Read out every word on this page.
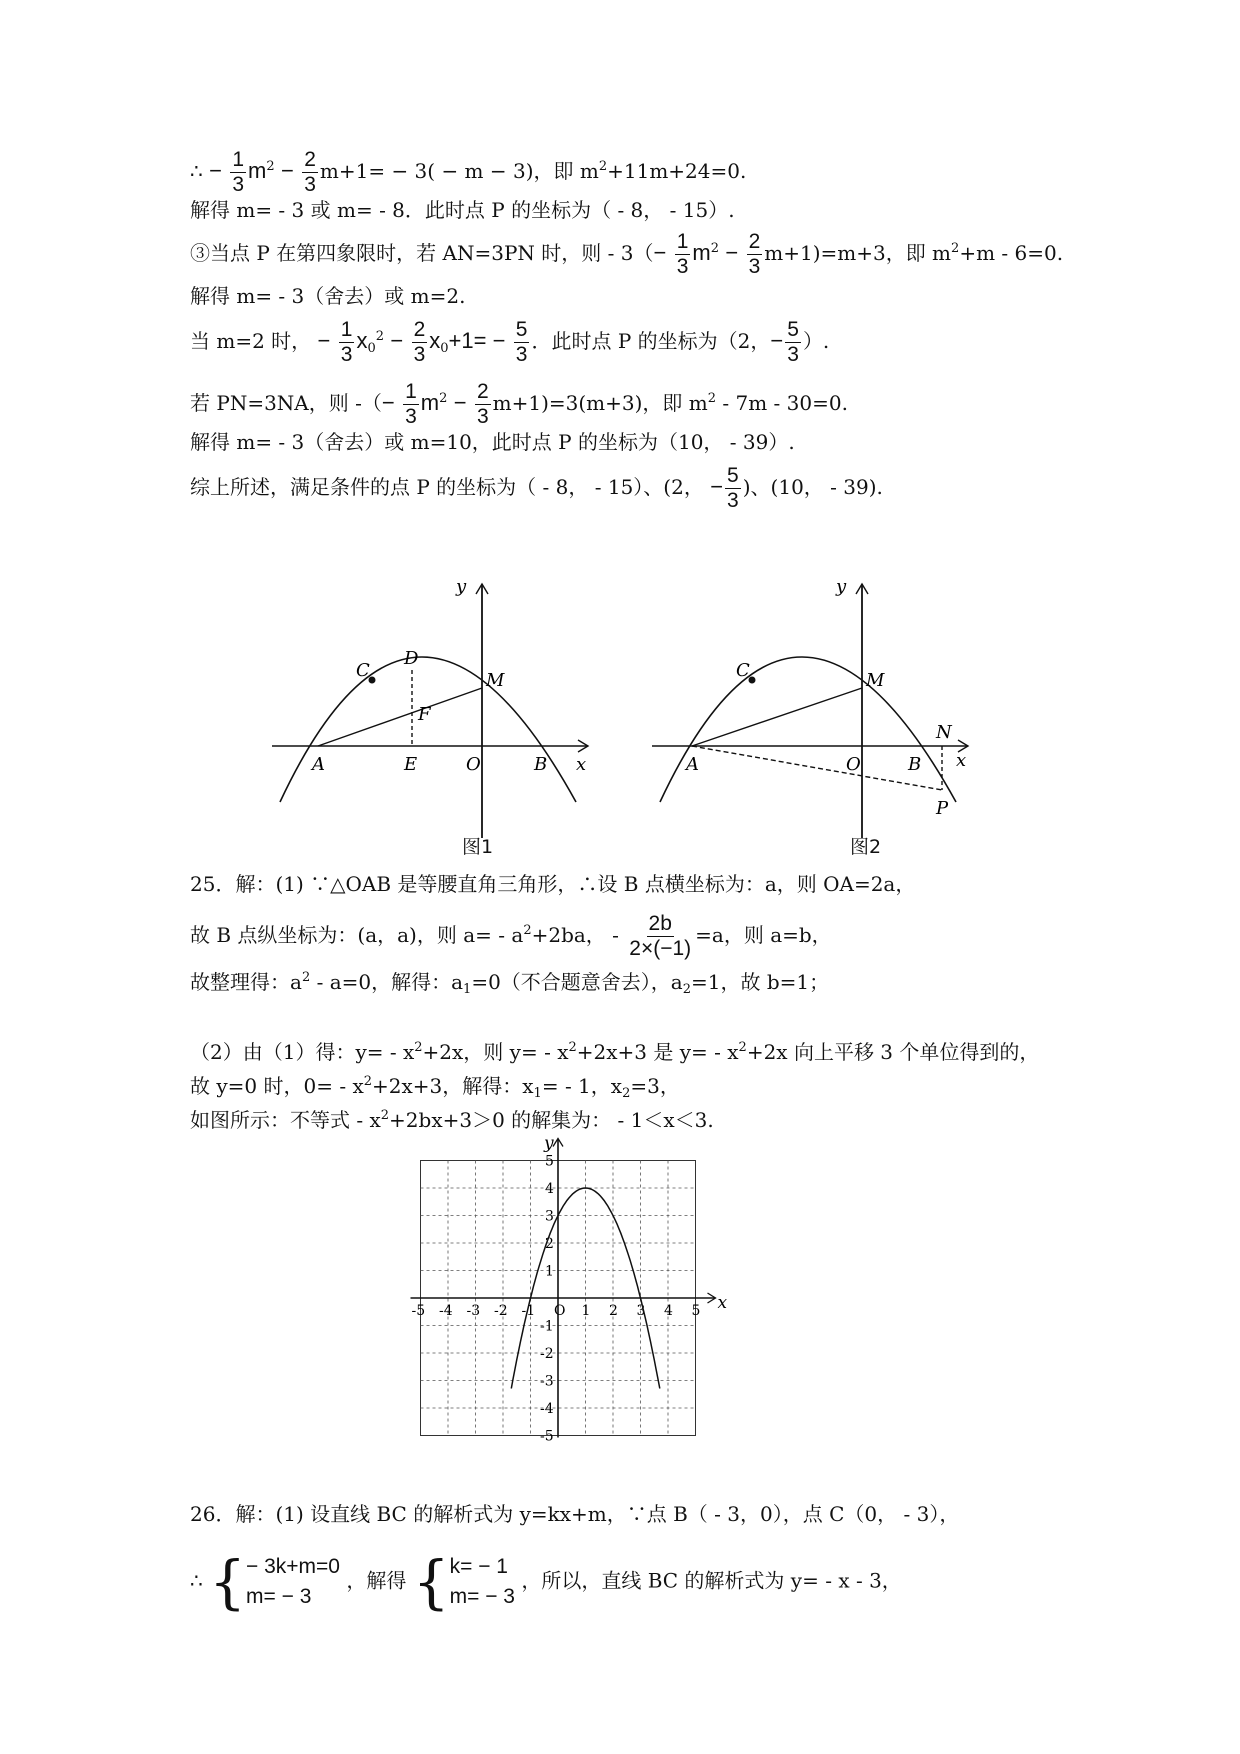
∴ − $\frac{1}{3} m^2 - \frac{2}{3} m+1= - 3( - m - 3)$，即 $m^2+11m+24=0$.
解得 m= - 3 或 m= - 8．此时点 P 的坐标为（ - 8， - 15）.
③当点 P 在第四象限时，若 AN=3PN 时，则 - $3(- \frac{1}{3} m^2 - \frac{2}{3} m+1)=m+3$，即 $m^2+m - 6=0$.
解得 m= - 3（舍去）或 m=2.
当 m=2 时， − $\frac{1}{3} x_0^2 - \frac{2}{3} x_0+1= - \frac{5}{3}$ ．此时点 P 的坐标为（2，− $\frac{5}{3}$ ）.
若 PN=3NA，则 -（− $\frac{1}{3} m^2 - \frac{2}{3} m+1)=3(m+3)$，即 $m^2 - 7m - 30=0$.
解得 m= - 3（舍去）或 m=10，此时点 P 的坐标为（10， - 39）.
综上所述，满足条件的点 P 的坐标为（ - 8， - 15）、(2， − $\frac{5}{3}$ )、(10， - 39).
y
x
C
D
M
F
A	E	O	B
图1
y
x
C	M
N
A	O	B
P
图2
25．解：(1) ∵△OAB 是等腰直角三角形，∴设 B 点横坐标为：a，则 OA=2a，
故 B 点纵坐标为：(a，a)，则 $a= - a^2+2ba$， - $\frac{2b}{2\times(-1)} =a$，则 a=b，
故整理得：$a^2 - a=0$，解得：$a_1=0$（不合题意舍去），$a_2=1$，故 b=1；
（2）由（1）得：$y= - x^2+2x$，则 $y= - x^2+2x+3$ 是 $y= - x^2+2x$ 向上平移 3 个单位得到的，
故 y=0 时，$0= - x^2+2x+3$，解得：$x_1= - 1$，$x_2=3$，
如图所示：不等式 - $x^2+2bx+3>0$ 的解集为： - 1＜x＜3.
x
y
-5 -4 -3 -2 -1 O 1 2 3 4 5
5
4
3
2
1
-1
-2
-3
-4
-5
26．解：(1) 设直线 BC 的解析式为 y=kx+m，∵点 B（ - 3，0），点 C（0， - 3），
∴ { − 3k+m=0
m= − 3
，解得 { k= − 1
m= − 3
，所以，直线 BC 的解析式为 y= - x - 3，
